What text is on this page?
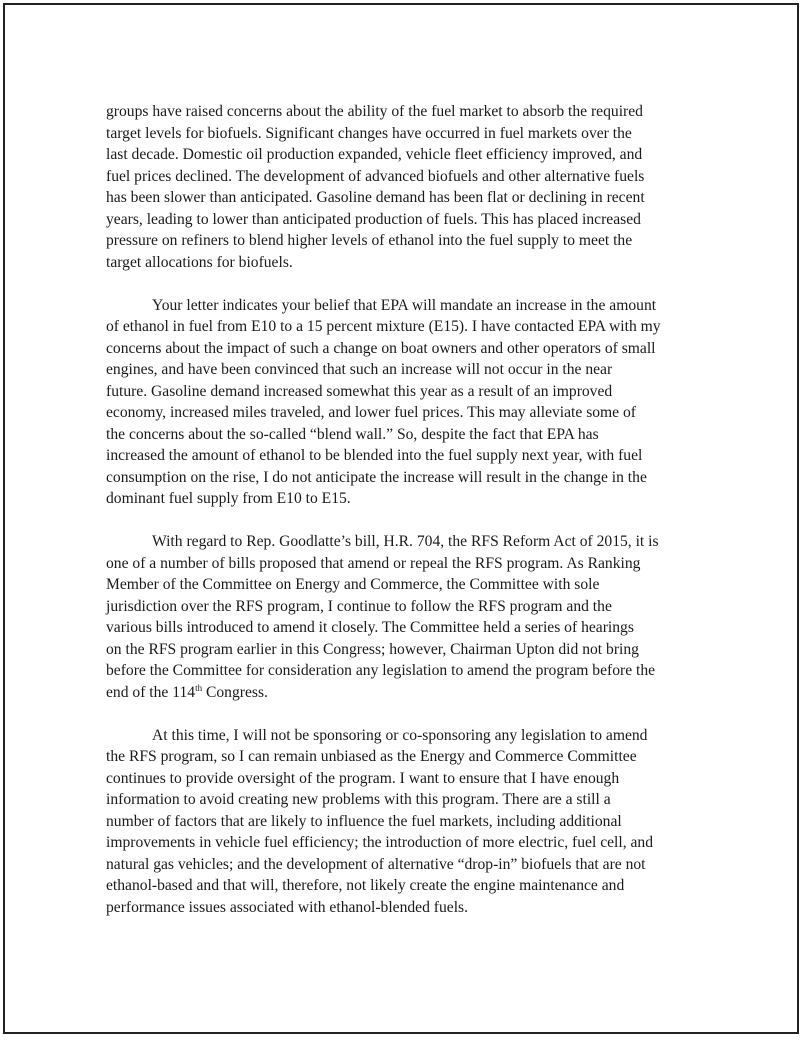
groups have raised concerns about the ability of the fuel market to absorb the required
target levels for biofuels. Significant changes have occurred in fuel markets over the
last decade. Domestic oil production expanded, vehicle fleet efficiency improved, and
fuel prices declined. The development of advanced biofuels and other alternative fuels
has been slower than anticipated. Gasoline demand has been flat or declining in recent
years, leading to lower than anticipated production of fuels. This has placed increased
pressure on refiners to blend higher levels of ethanol into the fuel supply to meet the
target allocations for biofuels.

Your letter indicates your belief that EPA will mandate an increase in the amount
of ethanol in fuel from E10 to a 15 percent mixture (E15). I have contacted EPA with my
concerns about the impact of such a change on boat owners and other operators of small
engines, and have been convinced that such an increase will not occur in the near
future. Gasoline demand increased somewhat this year as a result of an improved
economy, increased miles traveled, and lower fuel prices. This may alleviate some of
the concerns about the so-called “blend wall.” So, despite the fact that EPA has
increased the amount of ethanol to be blended into the fuel supply next year, with fuel
consumption on the rise, I do not anticipate the increase will result in the change in the
dominant fuel supply from E10 to E15.

With regard to Rep. Goodlatte’s bill, H.R. 704, the RFS Reform Act of 2015, it is
one of a number of bills proposed that amend or repeal the RFS program. As Ranking
Member of the Committee on Energy and Commerce, the Committee with sole
jurisdiction over the RFS program, I continue to follow the RFS program and the
various bills introduced to amend it closely. The Committee held a series of hearings
on the RFS program earlier in this Congress; however, Chairman Upton did not bring
before the Committee for consideration any legislation to amend the program before the
end of the 114th Congress.

At this time, I will not be sponsoring or co-sponsoring any legislation to amend
the RFS program, so I can remain unbiased as the Energy and Commerce Committee
continues to provide oversight of the program. I want to ensure that I have enough
information to avoid creating new problems with this program. There are a still a
number of factors that are likely to influence the fuel markets, including additional
improvements in vehicle fuel efficiency; the introduction of more electric, fuel cell, and
natural gas vehicles; and the development of alternative “drop-in” biofuels that are not
ethanol-based and that will, therefore, not likely create the engine maintenance and
performance issues associated with ethanol-blended fuels.
